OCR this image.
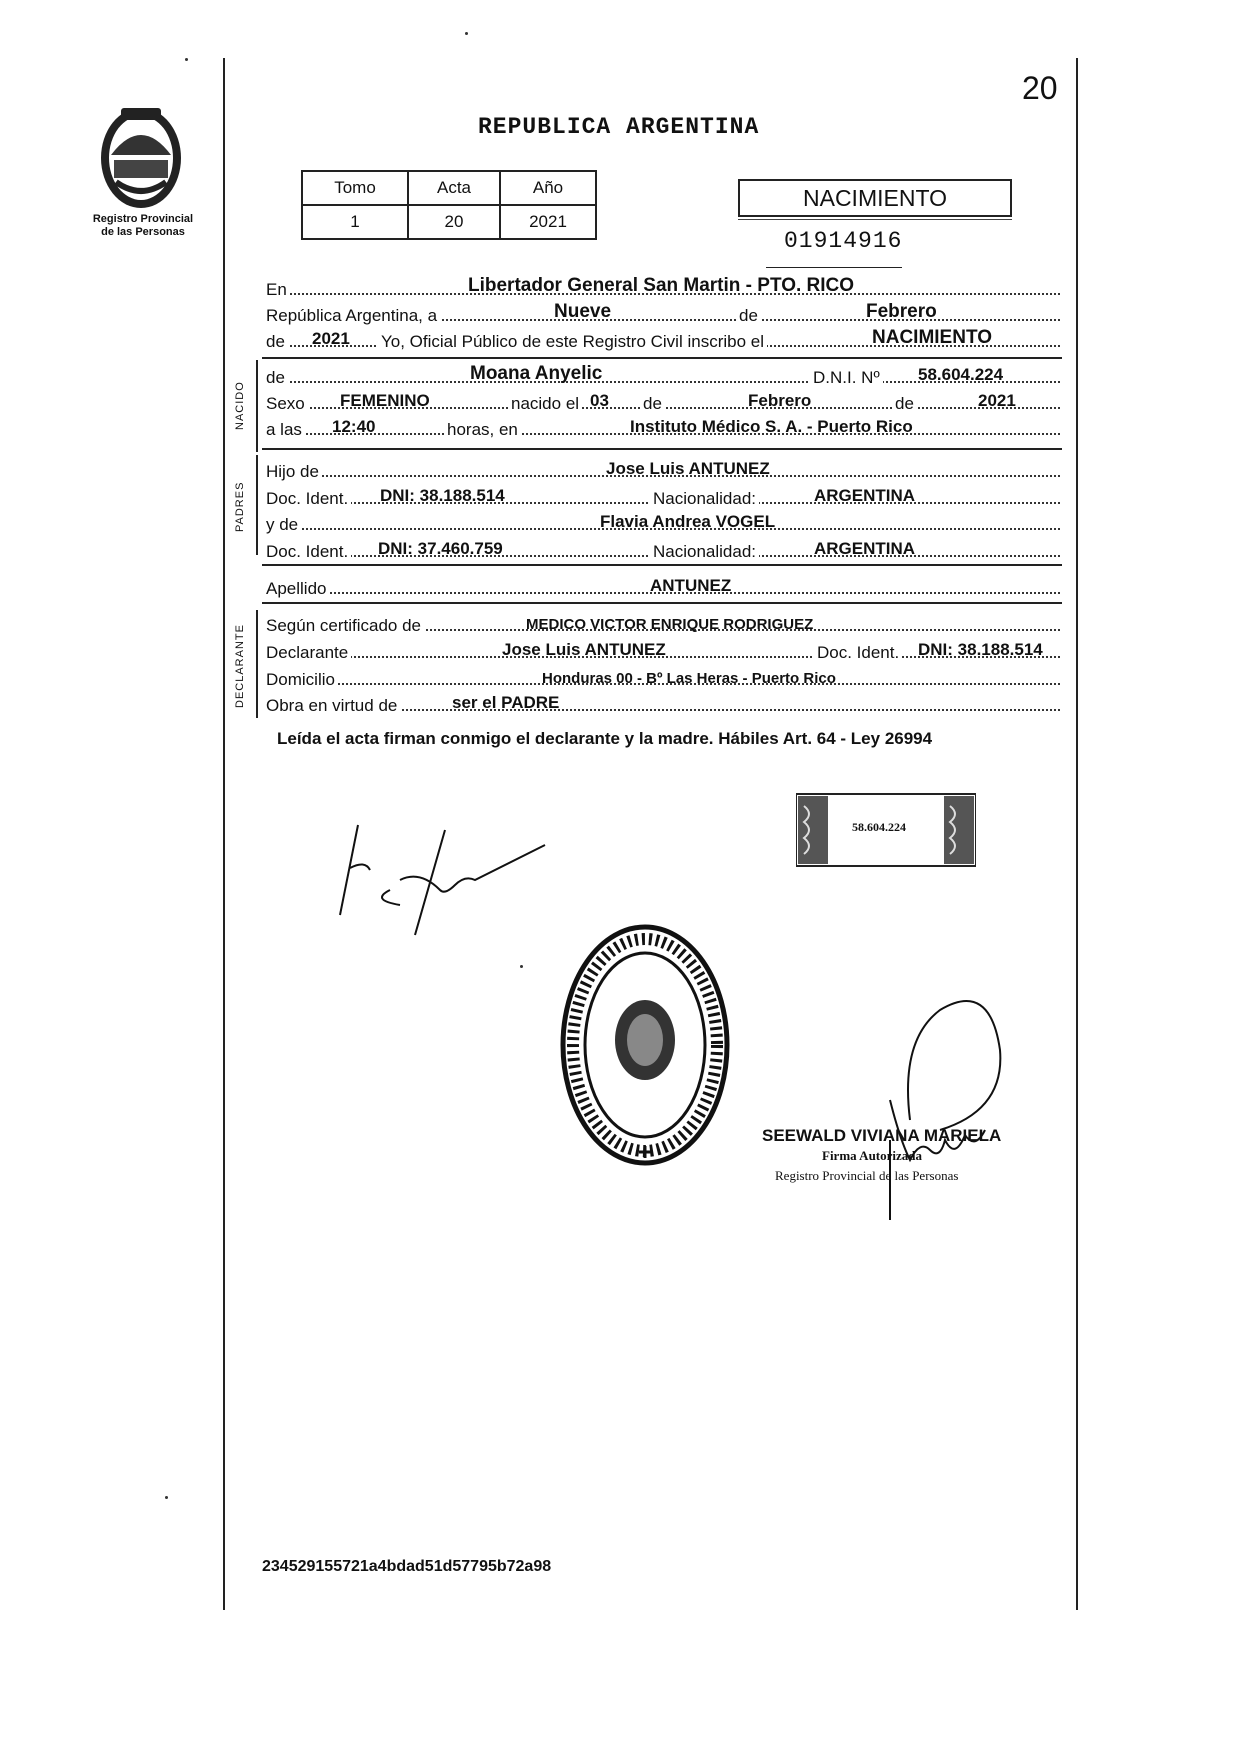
20
REPUBLICA ARGENTINA
Registro Provincial
de las Personas
Tomo	Acta	Año
1	20	2021
NACIMIENTO
01914916
En	Libertador General San Martin - PTO. RICO
República Argentina, a	Nueve	de	Febrero
de 2021 Yo, Oficial Público de este Registro Civil inscribo el	NACIMIENTO
NACIDO
de	Moana Anyelic	D.N.I. Nº 58.604.224
Sexo FEMENINO	nacido el 03 de	Febrero	de	2021
a las 12:40	horas, en	Instituto Médico S. A. - Puerto Rico
PADRES
Hijo de	Jose Luis ANTUNEZ
Doc. Ident. DNI: 38.188.514	Nacionalidad:	ARGENTINA
y de	Flavia Andrea VOGEL
Doc. Ident. DNI: 37.460.759	Nacionalidad:	ARGENTINA
Apellido	ANTUNEZ
DECLARANTE Según certificado de	MEDICO VICTOR ENRIQUE RODRIGUEZ
Declarante	Jose Luis ANTUNEZ	Doc. Ident. DNI: 38.188.514
Domicilio	Honduras 00 - Bº Las Heras - Puerto Rico
Obra en virtud de	ser el PADRE
Leída el acta firman conmigo el declarante y la madre. Hábiles Art. 64 - Ley 26994
58.604.224
SEEWALD VIVIANA MARIELA
Firma Autorizada
Registro Provincial de las Personas
234529155721a4bdad51d57795b72a98
